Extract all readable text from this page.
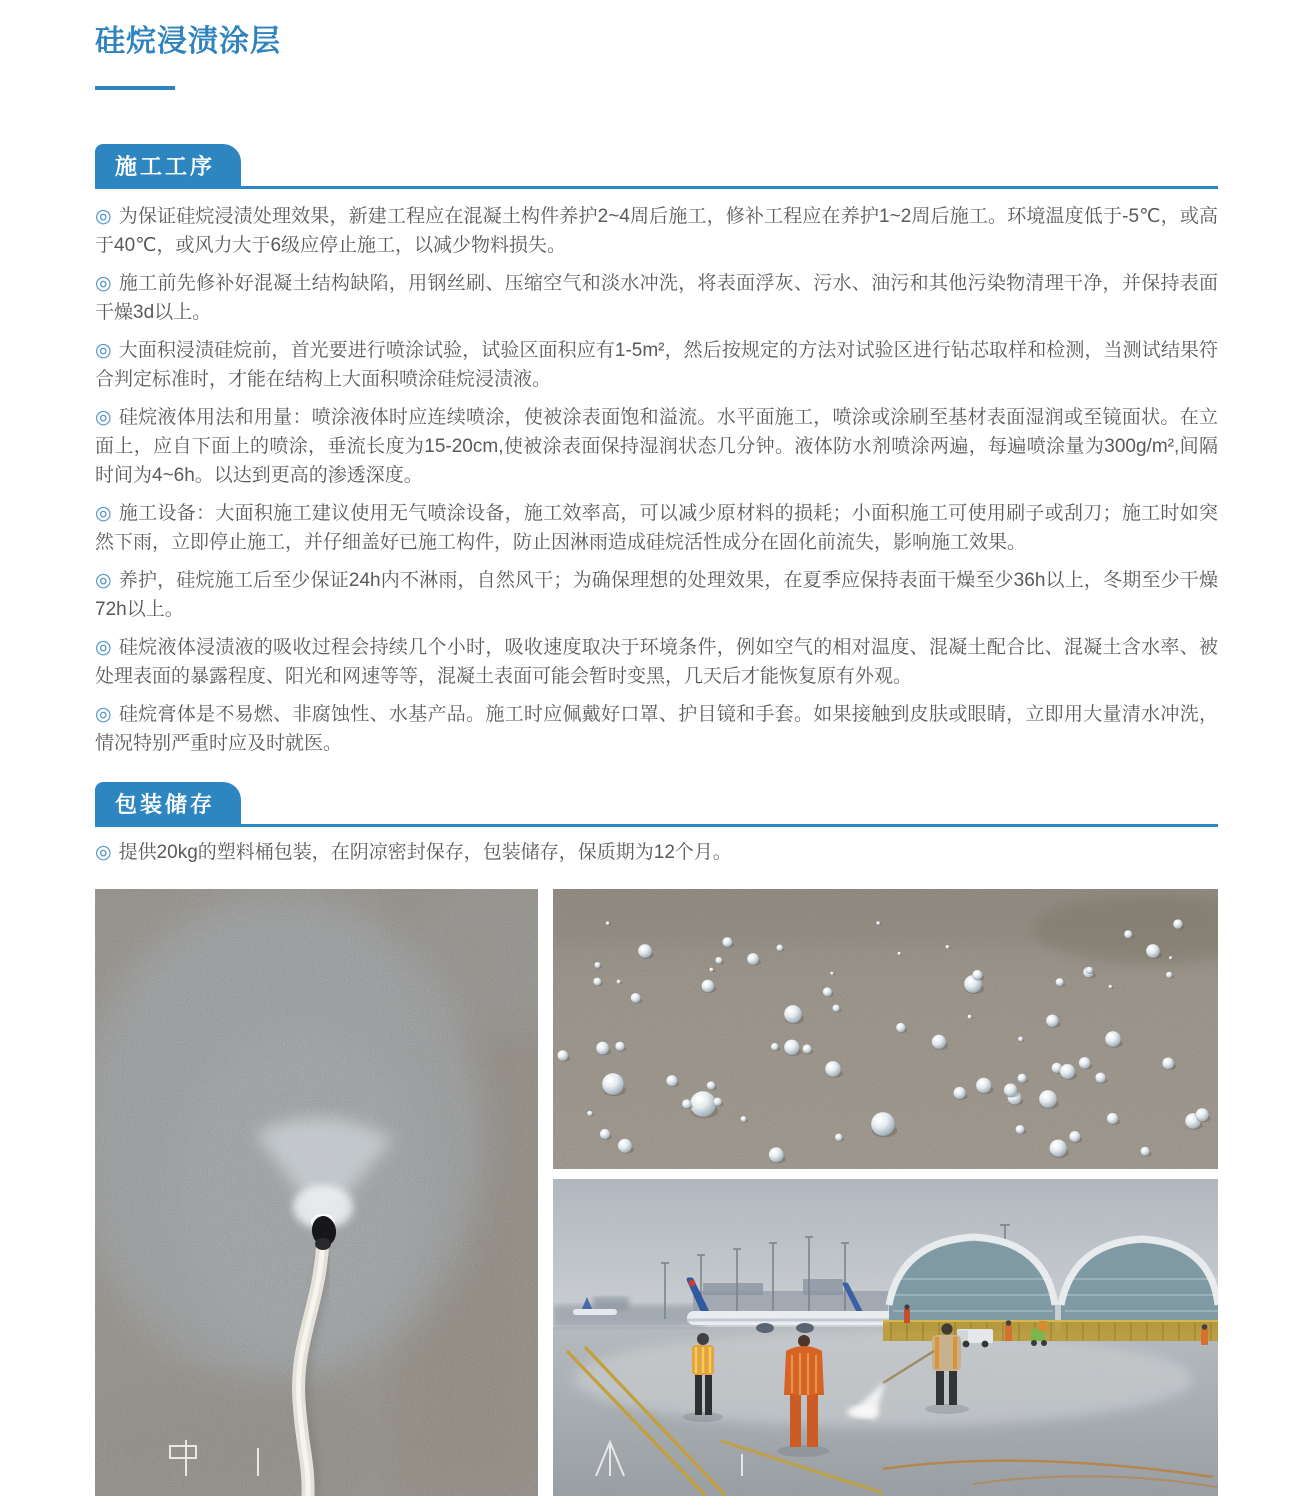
硅烷浸渍涂层
施工工序

◎ 为保证硅烷浸渍处理效果，新建工程应在混凝土构件养护2~4周后施工，修补工程应在养护1~2周后施工。环境温度低于-5℃，或高于40℃，或风力大于6级应停止施工，以减少物料损失。

◎ 施工前先修补好混凝土结构缺陷，用钢丝刷、压缩空气和淡水冲洗，将表面浮灰、污水、油污和其他污染物清理干净，并保持表面干燥3d以上。

◎ 大面积浸渍硅烷前，首光要进行喷涂试验，试验区面积应有1-5m²，然后按规定的方法对试验区进行钻芯取样和检测，当测试结果符合判定标准时，才能在结构上大面积喷涂硅烷浸渍液。

◎ 硅烷液体用法和用量：喷涂液体时应连续喷涂，使被涂表面饱和溢流。水平面施工，喷涂或涂刷至基材表面湿润或至镜面状。在立面上，应自下面上的喷涂，垂流长度为15-20cm,使被涂表面保持湿润状态几分钟。液体防水剂喷涂两遍，每遍喷涂量为300g/m²,间隔时间为4~6h。以达到更高的渗透深度。

◎ 施工设备：大面积施工建议使用无气喷涂设备，施工效率高，可以减少原材料的损耗；小面积施工可使用刷子或刮刀；施工时如突然下雨，立即停止施工，并仔细盖好已施工构件，防止因淋雨造成硅烷活性成分在固化前流失，影响施工效果。

◎ 养护，硅烷施工后至少保证24h内不淋雨，自然风干；为确保理想的处理效果，在夏季应保持表面干燥至少36h以上，冬期至少干燥72h以上。

◎ 硅烷液体浸渍液的吸收过程会持续几个小时，吸收速度取决于环境条件，例如空气的相对温度、混凝土配合比、混凝土含水率、被处理表面的暴露程度、阳光和网速等等，混凝土表面可能会暂时变黑，几天后才能恢复原有外观。

◎ 硅烷膏体是不易燃、非腐蚀性、水基产品。施工时应佩戴好口罩、护目镜和手套。如果接触到皮肤或眼睛，立即用大量清水冲洗，情况特别严重时应及时就医。

包装储存

◎ 提供20kg的塑料桶包装，在阴凉密封保存，包装储存，保质期为12个月。
